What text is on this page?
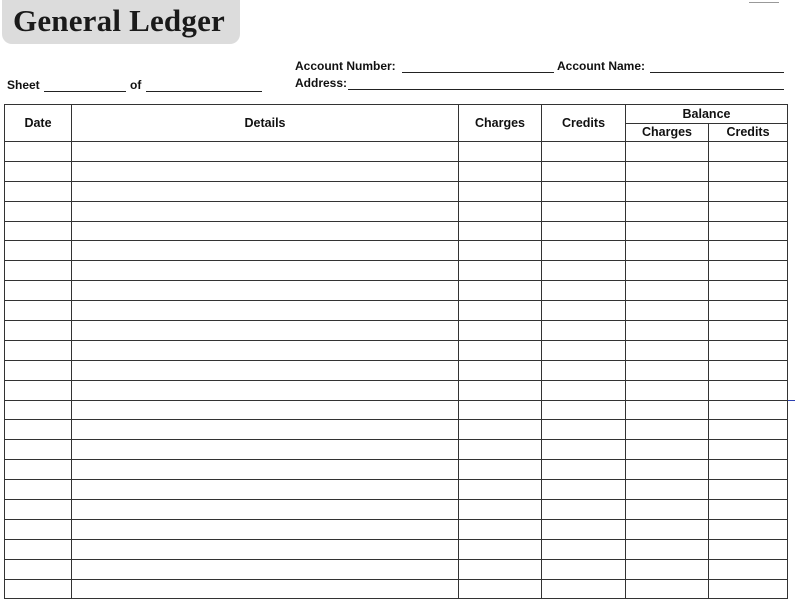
General Ledger
Account Number:	Account Name:
Sheet	of	Address:
Date	Details	Charges	Credits	Balance	
				Charges	Credits
